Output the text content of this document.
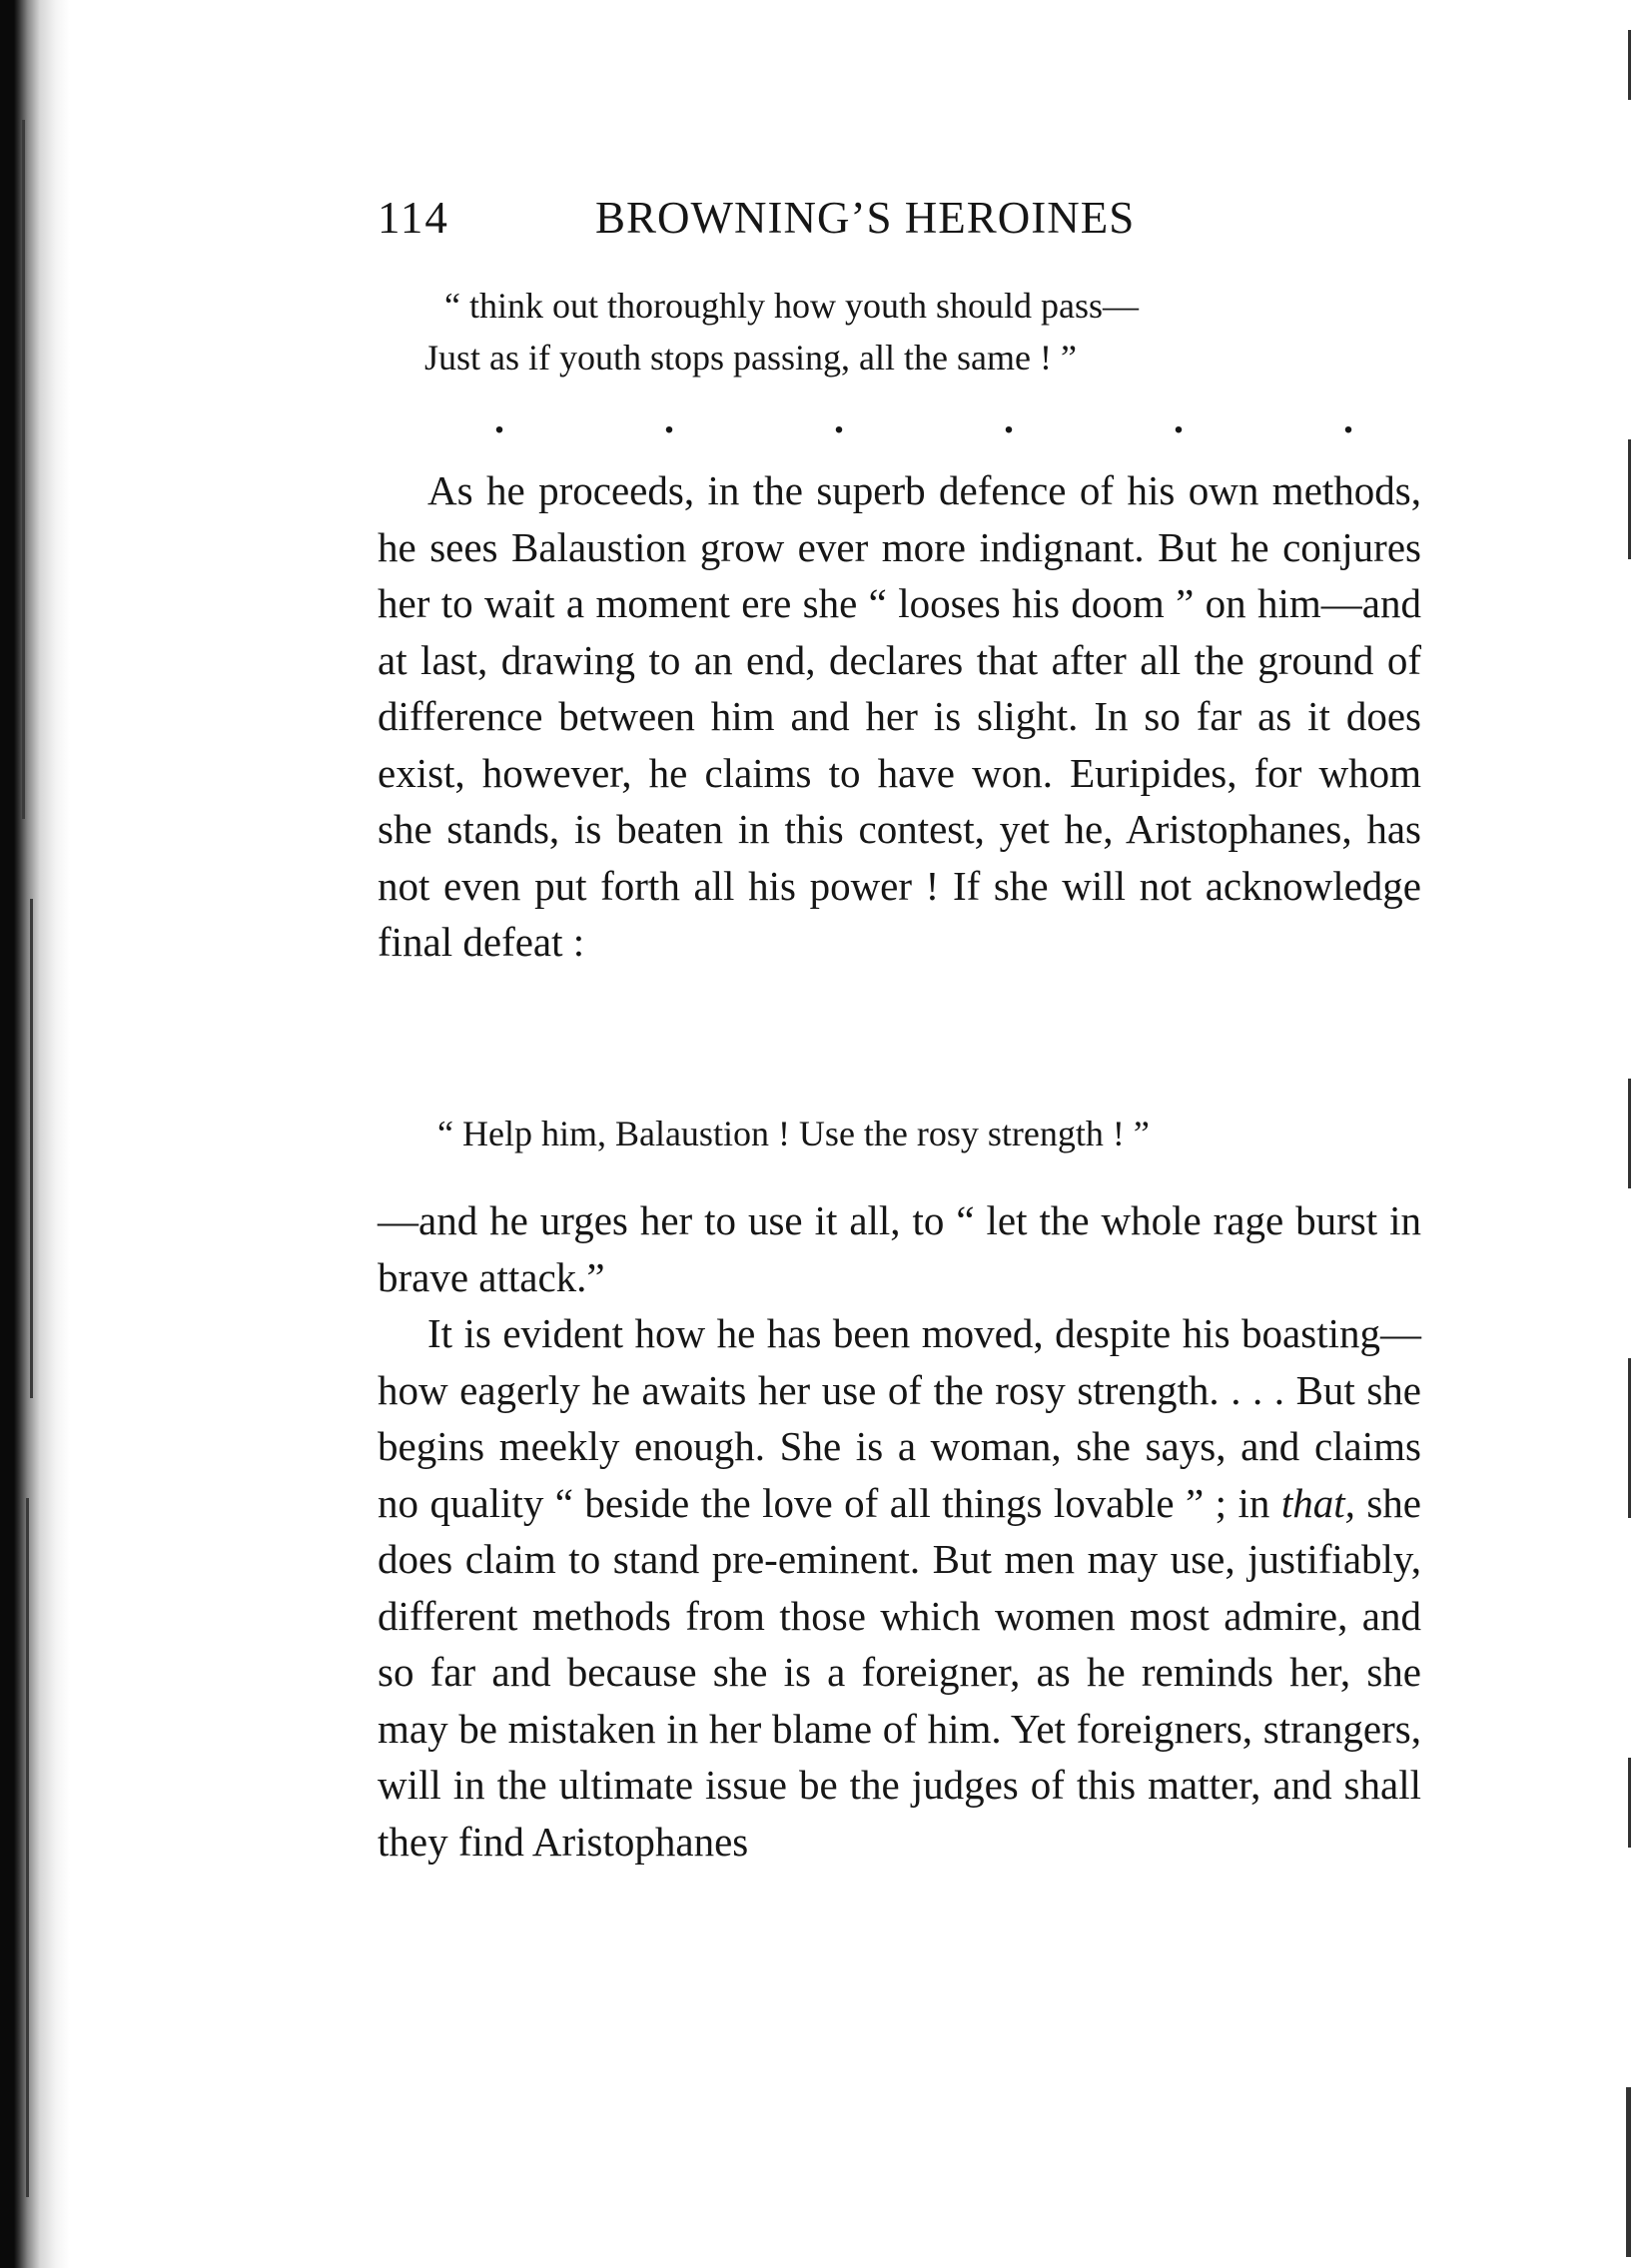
114	BROWNING’S HEROINES
“ think out thoroughly how youth should pass—
Just as if youth stops passing, all the same ! ”
.	.	.	.	.	.

As he proceeds, in the superb defence of his own methods, he sees Balaustion grow ever more indignant. But he conjures her to wait a moment ere she “ looses his doom ” on him—and at last, drawing to an end, declares that after all the ground of difference between him and her is slight. In so far as it does exist, however, he claims to have won. Euripides, for whom she stands, is beaten in this contest, yet he, Aristophanes, has not even put forth all his power ! If she will not acknowledge final defeat :

“ Help him, Balaustion ! Use the rosy strength ! ”

—and he urges her to use it all, to “ let the whole rage burst in brave attack.”

It is evident how he has been moved, despite his boasting—how eagerly he awaits her use of the rosy strength. . . . But she begins meekly enough. She is a woman, she says, and claims no quality “ beside the love of all things lovable ” ; in that, she does claim to stand pre-eminent. But men may use, justifiably, different methods from those which women most admire, and so far and because she is a foreigner, as he reminds her, she may be mistaken in her blame of him. Yet foreigners, strangers, will in the ultimate issue be the judges of this matter, and shall they find Aristophanes
